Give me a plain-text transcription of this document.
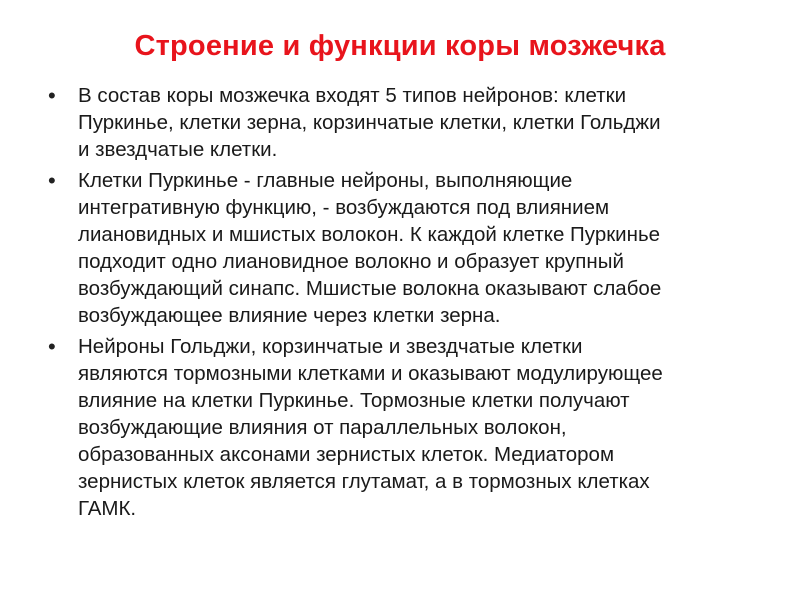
Строение и функции коры мозжечка
•	В состав коры мозжечка входят 5 типов нейронов: клетки
Пуркинье, клетки зерна, корзинчатые клетки, клетки Гольджи
и звездчатые клетки.
•	Клетки Пуркинье - главные нейроны, выполняющие
интегративную функцию, - возбуждаются под влиянием
лиановидных и мшистых волокон. К каждой клетке Пуркинье
подходит одно лиановидное волокно и образует крупный
возбуждающий синапс. Мшистые волокна оказывают слабое
возбуждающее влияние через клетки зерна.
•	Нейроны Гольджи, корзинчатые и звездчатые клетки
являются тормозными клетками и оказывают модулирующее
влияние на клетки Пуркинье. Тормозные клетки получают
возбуждающие влияния от параллельных волокон,
образованных аксонами зернистых клеток. Медиатором
зернистых клеток является глутамат, а в тормозных клетках
ГАМК.
